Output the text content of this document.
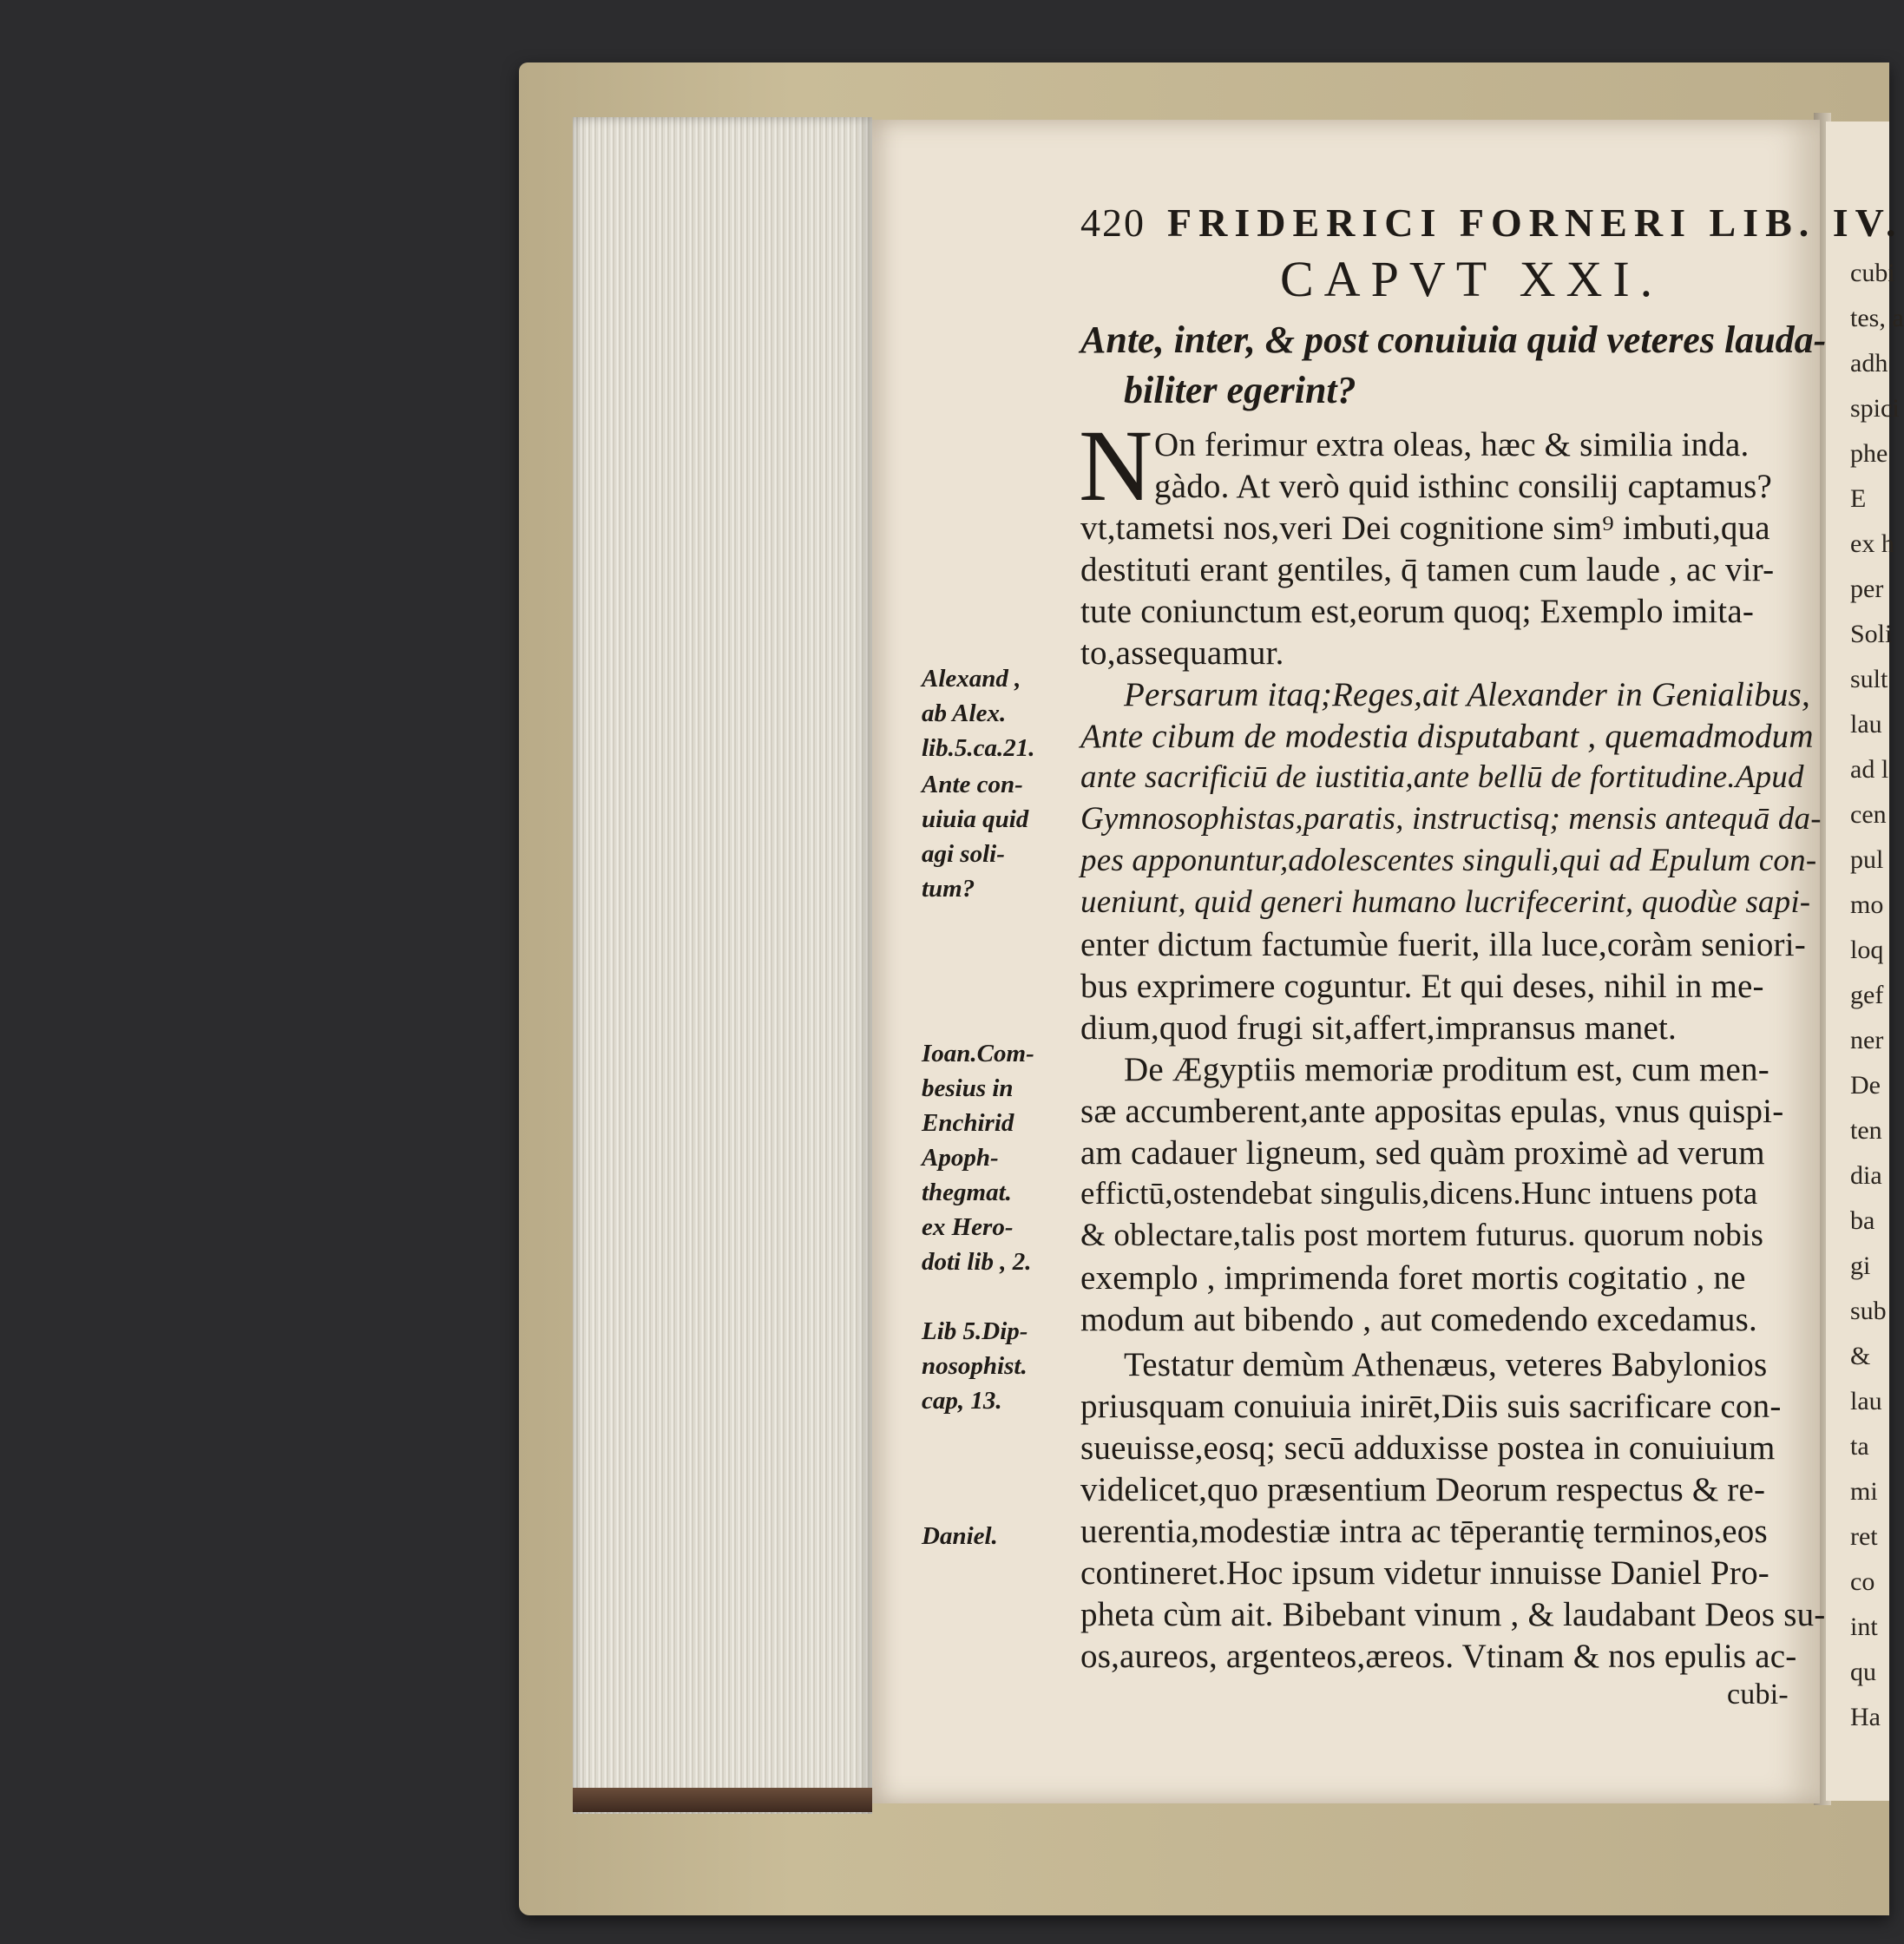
cubi
tes, a
adh
spici
phe
E
ex h
per
Soli
sult
lau
ad l
cen
pul
mo
loq
gef
ner
De
ten
dia
ba
gi
sub
&
lau
ta
mi
ret
co
int
qu
Ha
420 FRIDERICI FORNERI LIB. IV.
CAPVT XXI.
Ante, inter, & post conuiuia quid veteres lauda-
biliter egerint?
N On ferimur extra oleas, hæc & similia inda.
gàdo. At verò quid isthinc consilij captamus?
vt,tametsi nos,veri Dei cognitione sim⁹ imbuti,qua
destituti erant gentiles, q̄ tamen cum laude , ac vir-
tute coniunctum est,eorum quoq; Exemplo imita-
to,assequamur.
Persarum itaq;Reges,ait Alexander in Genialibus,
Ante cibum de modestia disputabant , quemadmodum
ante sacrificiū de iustitia,ante bellū de fortitudine.Apud
Gymnosophistas,paratis, instructisq; mensis antequā da-
pes apponuntur,adolescentes singuli,qui ad Epulum con-
ueniunt, quid generi humano lucrifecerint, quodùe sapi-
enter dictum factumùe fuerit, illa luce,coràm seniori-
bus exprimere coguntur. Et qui deses, nihil in me-
dium,quod frugi sit,affert,impransus manet.
De Ægyptiis memoriæ proditum est, cum men-
sæ accumberent,ante appositas epulas, vnus quispi-
am cadauer ligneum, sed quàm proximè ad verum
effictū,ostendebat singulis,dicens.Hunc intuens pota
& oblectare,talis post mortem futurus. quorum nobis
exemplo , imprimenda foret mortis cogitatio , ne
modum aut bibendo , aut comedendo excedamus.
Testatur demùm Athenæus, veteres Babylonios
priusquam conuiuia inirēt,Diis suis sacrificare con-
sueuisse,eosq; secū adduxisse postea in conuiuium
videlicet,quo præsentium Deorum respectus & re-
uerentia,modestiæ intra ac tēperantię terminos,eos
contineret.Hoc ipsum videtur innuisse Daniel Pro-
pheta cùm ait. Bibebant vinum , & laudabant Deos su-
os,aureos, argenteos,æreos. Vtinam & nos epulis ac-
cubi-
Alexand ,
ab Alex.
lib.5.ca.21.
Ante con-
uiuia quid
agi soli-
tum?
Ioan.Com-
besius in
Enchirid
Apoph-
thegmat.
ex Hero-
doti lib , 2.
Lib 5.Dip-
nosophist.
cap, 13.
Daniel.
